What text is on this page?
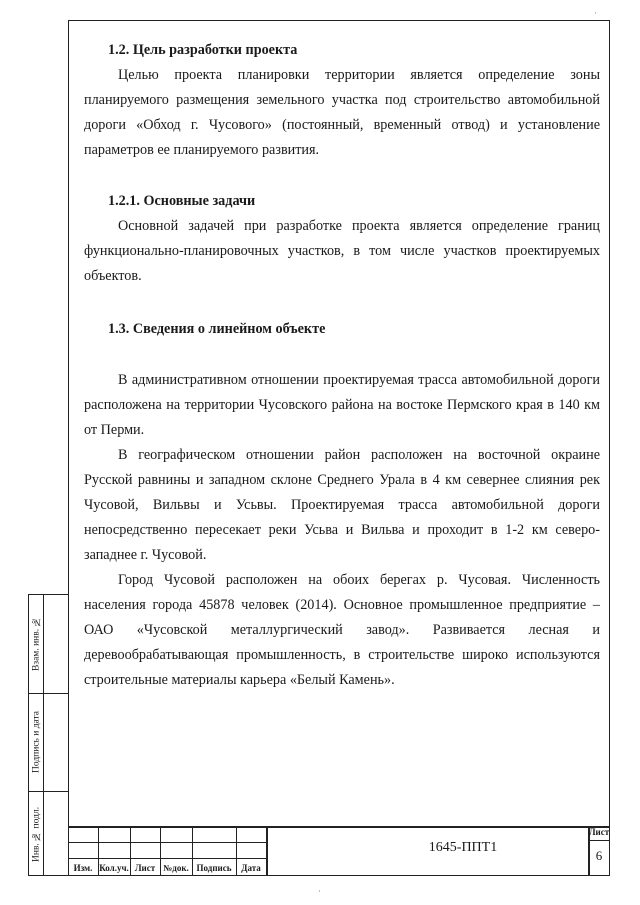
1.2. Цель разработки проекта

Целью проекта планировки территории является определение зоны планируемого размещения земельного участка под строительство автомобильной дороги «Обход г. Чусового» (постоянный, временный отвод) и установление параметров ее планируемого развития.

1.2.1. Основные задачи

Основной задачей при разработке проекта является определение границ функционально-планировочных участков, в том числе участков проектируемых объектов.

1.3. Сведения о линейном объекте

В административном отношении проектируемая трасса автомобильной дороги расположена на территории Чусовского района на востоке Пермского края в 140 км от Перми.

В географическом отношении район расположен на восточной окраине Русской равнины и западном склоне Среднего Урала в 4 км севернее слияния рек Чусовой, Вильвы и Усьвы. Проектируемая трасса автомобильной дороги непосредственно пересекает реки Усьва и Вильва и проходит в 1-2 км северо-западнее г. Чусовой.

Город Чусовой расположен на обоих берегах р. Чусовая. Численность населения города 45878 человек (2014). Основное промышленное предприятие – ОАО «Чусовской металлургический завод». Развивается лесная и деревообрабатывающая промышленность, в строительстве широко используются строительные материалы карьера «Белый Камень».

Взам. инв. №
Подпись и дата
Инв. № подл.
Изм. Кол.уч. Лист №док. Подпись	Дата
1645-ППТ1
Лист
6
·
·
